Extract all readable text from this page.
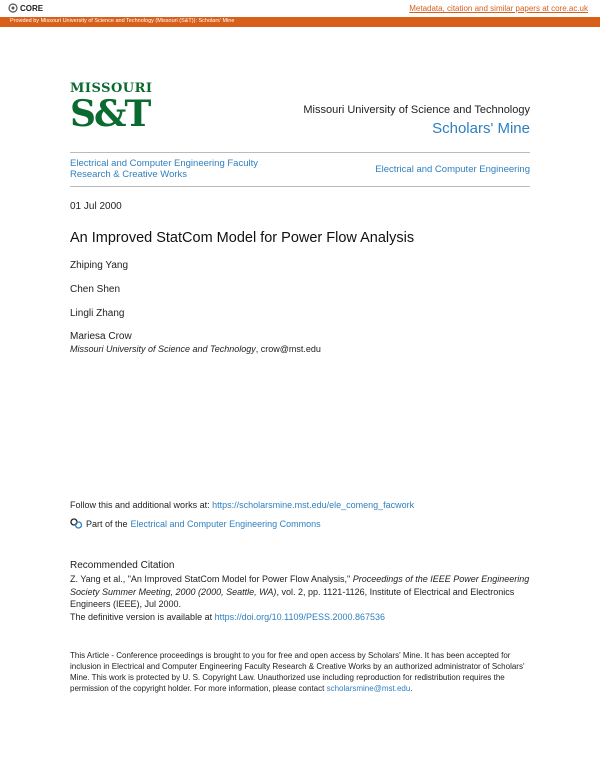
CORE	Metadata, citation and similar papers at core.ac.uk
Provided by Missouri University of Science and Technology (Missouri (S&T)): Scholars' Mine
MISSOURI
S&T	Missouri University of Science and Technology
Scholars' Mine
Electrical and Computer Engineering Faculty Research & Creative Works	Electrical and Computer Engineering
01 Jul 2000
An Improved StatCom Model for Power Flow Analysis
Zhiping Yang
Chen Shen
Lingli Zhang
Mariesa Crow
Missouri University of Science and Technology, crow@mst.edu
Follow this and additional works at: https://scholarsmine.mst.edu/ele_comeng_facwork
Part of the Electrical and Computer Engineering Commons
Recommended Citation
Z. Yang et al., "An Improved StatCom Model for Power Flow Analysis," Proceedings of the IEEE Power Engineering Society Summer Meeting, 2000 (2000, Seattle, WA), vol. 2, pp. 1121-1126, Institute of Electrical and Electronics Engineers (IEEE), Jul 2000.
The definitive version is available at https://doi.org/10.1109/PESS.2000.867536
This Article - Conference proceedings is brought to you for free and open access by Scholars' Mine. It has been accepted for inclusion in Electrical and Computer Engineering Faculty Research & Creative Works by an authorized administrator of Scholars' Mine. This work is protected by U. S. Copyright Law. Unauthorized use including reproduction for redistribution requires the permission of the copyright holder. For more information, please contact scholarsmine@mst.edu.
